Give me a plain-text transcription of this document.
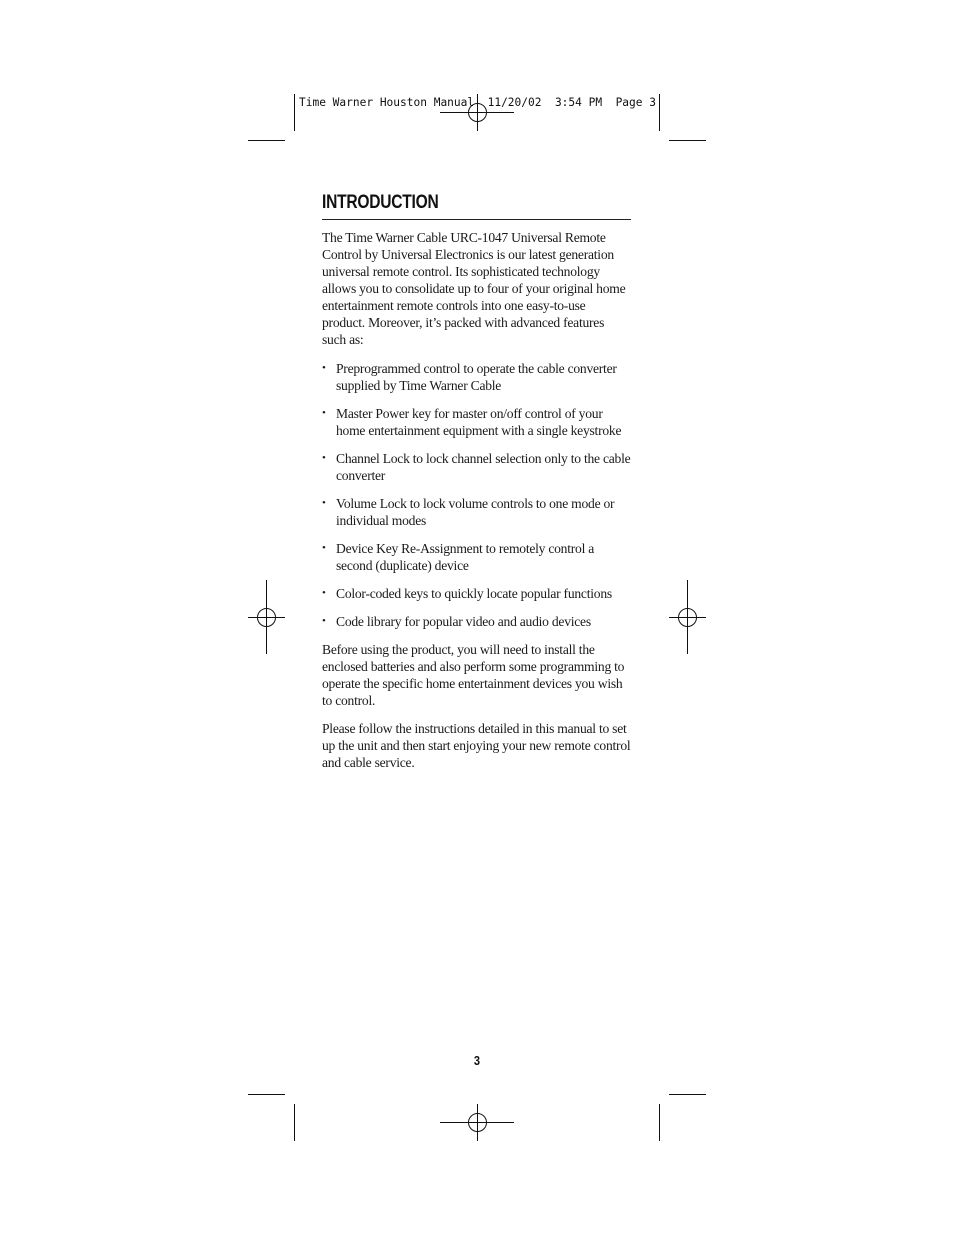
Time Warner Houston Manual  11/20/02  3:54 PM  Page 3
INTRODUCTION

The Time Warner Cable URC-1047 Universal Remote Control by Universal Electronics is our latest generation universal remote control. Its sophisticated technology allows you to consolidate up to four of your original home entertainment remote controls into one easy-to-use product. Moreover, it’s packed with advanced features such as:

• Preprogrammed control to operate the cable converter supplied by Time Warner Cable
• Master Power key for master on/off control of your home entertainment equipment with a single keystroke
• Channel Lock to lock channel selection only to the cable converter
• Volume Lock to lock volume controls to one mode or individual modes
• Device Key Re-Assignment to remotely control a second (duplicate) device
• Color-coded keys to quickly locate popular functions
• Code library for popular video and audio devices

Before using the product, you will need to install the enclosed batteries and also perform some programming to operate the specific home entertainment devices you wish to control.

Please follow the instructions detailed in this manual to set up the unit and then start enjoying your new remote control and cable service.

3
